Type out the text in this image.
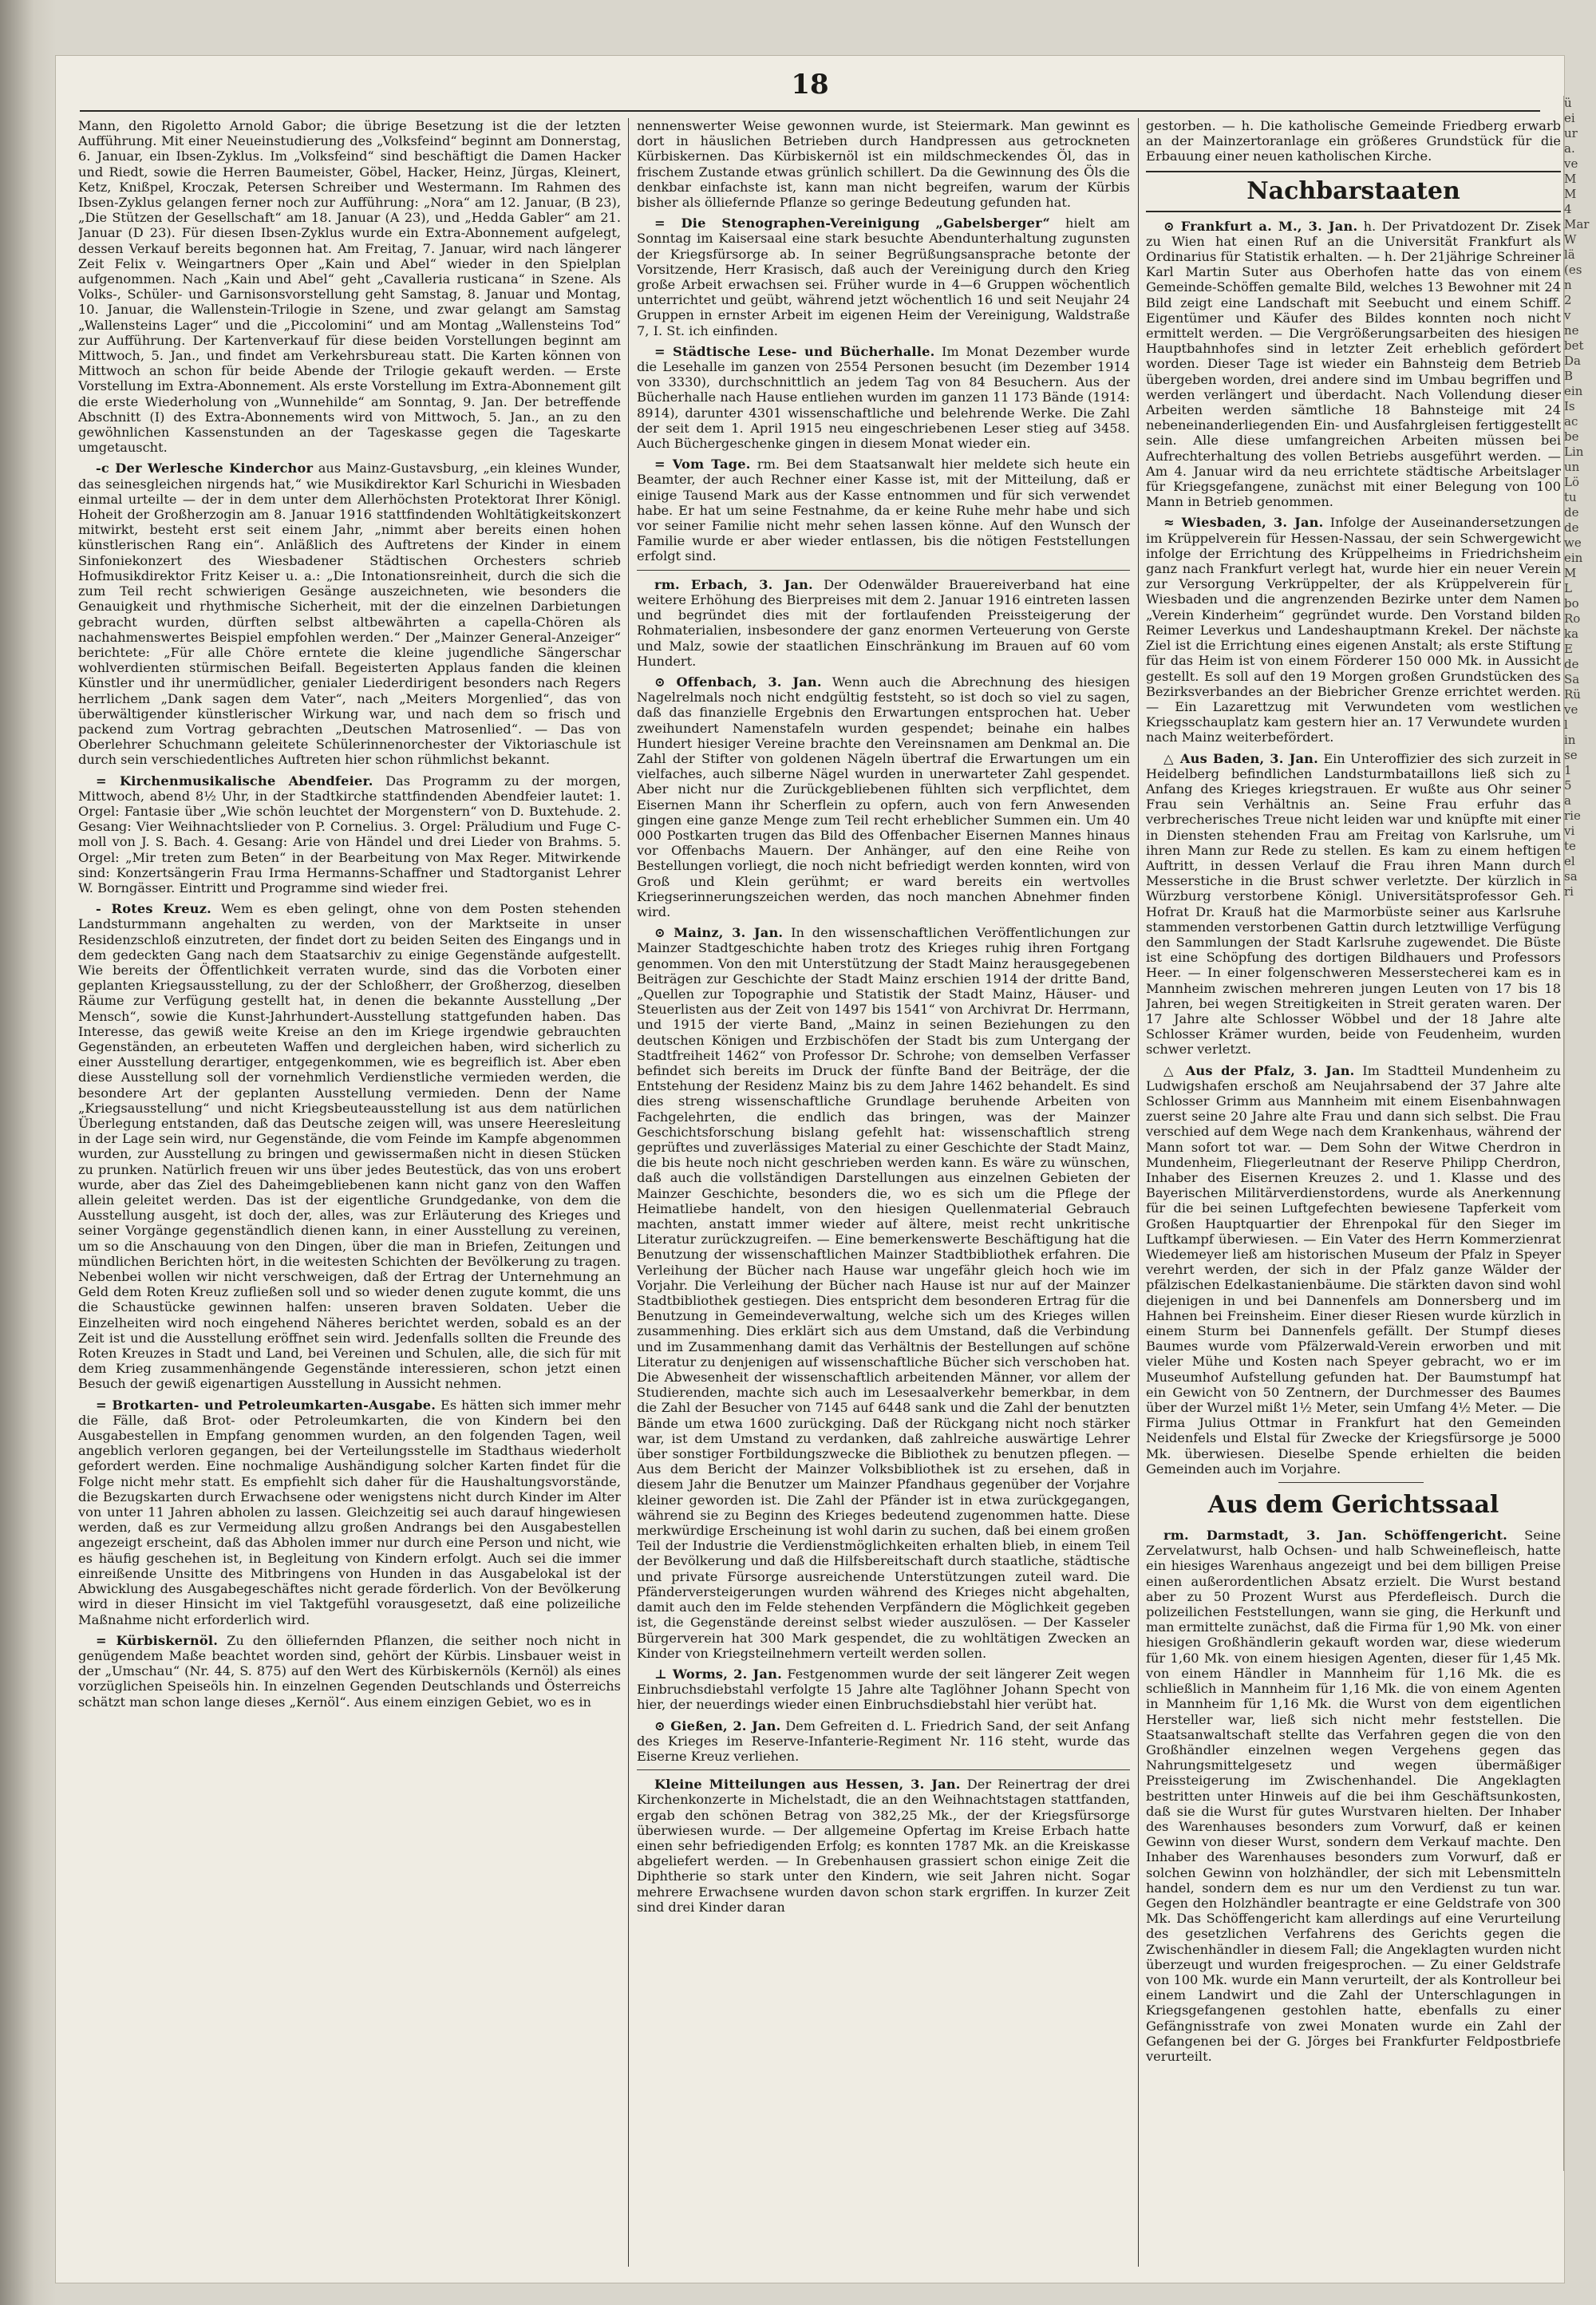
18

Mann, den Rigoletto Arnold Gabor; die übrige Besetzung ist die der letzten Aufführung. Mit einer Neueinstudierung des „Volksfeind“ beginnt am Donnerstag, 6. Januar, ein Ibsen-Zyklus. Im „Volksfeind“ sind beschäftigt die Damen Hacker und Riedt, sowie die Herren Baumeister, Göbel, Hacker, Heinz, Jürgas, Kleinert, Ketz, Knißpel, Kroczak, Petersen Schreiber und Westermann. Im Rahmen des Ibsen-Zyklus gelangen ferner noch zur Aufführung: „Nora“ am 12. Januar, (B 23), „Die Stützen der Gesellschaft“ am 18. Januar (A 23), und „Hedda Gabler“ am 21. Januar (D 23). Für diesen Ibsen-Zyklus wurde ein Extra-Abonnement aufgelegt, dessen Verkauf bereits begonnen hat. Am Freitag, 7. Januar, wird nach längerer Zeit Felix v. Weingartners Oper „Kain und Abel“ wieder in den Spielplan aufgenommen. Nach „Kain und Abel“ geht „Cavalleria rusticana“ in Szene. Als Volks-, Schüler- und Garnisonsvorstellung geht Samstag, 8. Januar und Montag, 10. Januar, die Wallenstein-Trilogie in Szene, und zwar gelangt am Samstag „Wallensteins Lager“ und die „Piccolomini“ und am Montag „Wallensteins Tod“ zur Aufführung. Der Kartenverkauf für diese beiden Vorstellungen beginnt am Mittwoch, 5. Jan., und findet am Verkehrsbureau statt. Die Karten können von Mittwoch an schon für beide Abende der Trilogie gekauft werden. — Erste Vorstellung im Extra-Abonnement. Als erste Vorstellung im Extra-Abonnement gilt die erste Wiederholung von „Wunnehilde“ am Sonntag, 9. Jan. Der betreffende Abschnitt (I) des Extra-Abonnements wird von Mittwoch, 5. Jan., an zu den gewöhnlichen Kassenstunden an der Tageskasse gegen die Tageskarte umgetauscht.

-c Der Werlesche Kinderchor aus Mainz-Gustavsburg, „ein kleines Wunder, das seinesgleichen nirgends hat,“ wie Musikdirektor Karl Schurichi in Wiesbaden einmal urteilte — der in dem unter dem Allerhöchsten Protektorat Ihrer Königl. Hoheit der Großherzogin am 8. Januar 1916 stattfindenden Wohltätigkeitskonzert mitwirkt, besteht erst seit einem Jahr, „nimmt aber bereits einen hohen künstlerischen Rang ein“. Anläßlich des Auftretens der Kinder in einem Sinfoniekonzert des Wiesbadener Städtischen Orchesters schrieb Hofmusikdirektor Fritz Keiser u. a.: „Die Intonationsreinheit, durch die sich die zum Teil recht schwierigen Gesänge auszeichneten, wie besonders die Genauigkeit und rhythmische Sicherheit, mit der die einzelnen Darbietungen gebracht wurden, dürften selbst altbewährten a capella-Chören als nachahmenswertes Beispiel empfohlen werden.“ Der „Mainzer General-Anzeiger“ berichtete: „Für alle Chöre erntete die kleine jugendliche Sängerschar wohlverdienten stürmischen Beifall. Begeisterten Applaus fanden die kleinen Künstler und ihr unermüdlicher, genialer Liederdirigent besonders nach Regers herrlichem „Dank sagen dem Vater“, nach „Meiters Morgenlied“, das von überwältigender künstlerischer Wirkung war, und nach dem so frisch und packend zum Vortrag gebrachten „Deutschen Matrosenlied“. — Das von Oberlehrer Schuchmann geleitete Schülerinnenorchester der Viktoriaschule ist durch sein verschiedentliches Auftreten hier schon rühmlichst bekannt.

= Kirchenmusikalische Abendfeier. Das Programm zu der morgen, Mittwoch, abend 8½ Uhr, in der Stadtkirche stattfindenden Abendfeier lautet: 1. Orgel: Fantasie über „Wie schön leuchtet der Morgenstern“ von D. Buxtehude. 2. Gesang: Vier Weihnachtslieder von P. Cornelius. 3. Orgel: Präludium und Fuge C-moll von J. S. Bach. 4. Gesang: Arie von Händel und drei Lieder von Brahms. 5. Orgel: „Mir treten zum Beten“ in der Bearbeitung von Max Reger. Mitwirkende sind: Konzertsängerin Frau Irma Hermanns-Schaffner und Stadtorganist Lehrer W. Borngässer. Eintritt und Programme sind wieder frei.

- Rotes Kreuz. Wem es eben gelingt, ohne von dem Posten stehenden Landsturmmann angehalten zu werden, von der Marktseite in unser Residenzschloß einzutreten, der findet dort zu beiden Seiten des Eingangs und in dem gedeckten Gang nach dem Staatsarchiv zu einige Gegenstände aufgestellt. Wie bereits der Öffentlichkeit verraten wurde, sind das die Vorboten einer geplanten Kriegsausstellung, zu der der Schloßherr, der Großherzog, dieselben Räume zur Verfügung gestellt hat, in denen die bekannte Ausstellung „Der Mensch“, sowie die Kunst-Jahrhundert-Ausstellung stattgefunden haben. Das Interesse, das gewiß weite Kreise an den im Kriege irgendwie gebrauchten Gegenständen, an erbeuteten Waffen und dergleichen haben, wird sicherlich zu einer Ausstellung derartiger, entgegenkommen, wie es begreiflich ist. Aber eben diese Ausstellung soll der vornehmlich Verdienstliche vermieden werden, die besondere Art der geplanten Ausstellung vermieden. Denn der Name „Kriegsausstellung“ und nicht Kriegsbeuteausstellung ist aus dem natürlichen Überlegung entstanden, daß das Deutsche zeigen will, was unsere Heeresleitung in der Lage sein wird, nur Gegenstände, die vom Feinde im Kampfe abgenommen wurden, zur Ausstellung zu bringen und gewissermaßen nicht in diesen Stücken zu prunken. Natürlich freuen wir uns über jedes Beutestück, das von uns erobert wurde, aber das Ziel des Daheimgebliebenen kann nicht ganz von den Waffen allein geleitet werden. Das ist der eigentliche Grundgedanke, von dem die Ausstellung ausgeht, ist doch der, alles, was zur Erläuterung des Krieges und seiner Vorgänge gegenständlich dienen kann, in einer Ausstellung zu vereinen, um so die Anschauung von den Dingen, über die man in Briefen, Zeitungen und mündlichen Berichten hört, in die weitesten Schichten der Bevölkerung zu tragen. Nebenbei wollen wir nicht verschweigen, daß der Ertrag der Unternehmung an Geld dem Roten Kreuz zufließen soll und so wieder denen zugute kommt, die uns die Schaustücke gewinnen halfen: unseren braven Soldaten. Ueber die Einzelheiten wird noch eingehend Näheres berichtet werden, sobald es an der Zeit ist und die Ausstellung eröffnet sein wird. Jedenfalls sollten die Freunde des Roten Kreuzes in Stadt und Land, bei Vereinen und Schulen, alle, die sich für mit dem Krieg zusammenhängende Gegenstände interessieren, schon jetzt einen Besuch der gewiß eigenartigen Ausstellung in Aussicht nehmen.

= Brotkarten- und Petroleumkarten-Ausgabe. Es hätten sich immer mehr die Fälle, daß Brot- oder Petroleumkarten, die von Kindern bei den Ausgabestellen in Empfang genommen wurden, an den folgenden Tagen, weil angeblich verloren gegangen, bei der Verteilungsstelle im Stadthaus wiederholt gefordert werden. Eine nochmalige Aushändigung solcher Karten findet für die Folge nicht mehr statt. Es empfiehlt sich daher für die Haushaltungsvorstände, die Bezugskarten durch Erwachsene oder wenigstens nicht durch Kinder im Alter von unter 11 Jahren abholen zu lassen. Gleichzeitig sei auch darauf hingewiesen werden, daß es zur Vermeidung allzu großen Andrangs bei den Ausgabestellen angezeigt erscheint, daß das Abholen immer nur durch eine Person und nicht, wie es häufig geschehen ist, in Begleitung von Kindern erfolgt. Auch sei die immer einreißende Unsitte des Mitbringens von Hunden in das Ausgabelokal ist der Abwicklung des Ausgabegeschäftes nicht gerade förderlich. Von der Bevölkerung wird in dieser Hinsicht im viel Taktgefühl vorausgesetzt, daß eine polizeiliche Maßnahme nicht erforderlich wird.

= Kürbiskernöl. Zu den ölliefernden Pflanzen, die seither noch nicht in genügendem Maße beachtet worden sind, gehört der Kürbis. Linsbauer weist in der „Umschau“ (Nr. 44, S. 875) auf den Wert des Kürbiskernöls (Kernöl) als eines vorzüglichen Speiseöls hin. In einzelnen Gegenden Deutschlands und Österreichs schätzt man schon lange dieses „Kernöl“. Aus einem einzigen Gebiet, wo es in

nennenswerter Weise gewonnen wurde, ist Steiermark. Man gewinnt es dort in häuslichen Betrieben durch Handpressen aus getrockneten Kürbiskernen. Das Kürbiskernöl ist ein mildschmeckendes Öl, das in frischem Zustande etwas grünlich schillert. Da die Gewinnung des Öls die denkbar einfachste ist, kann man nicht begreifen, warum der Kürbis bisher als ölliefernde Pflanze so geringe Bedeutung gefunden hat.

= Die Stenographen-Vereinigung „Gabelsberger“ hielt am Sonntag im Kaisersaal eine stark besuchte Abendunterhaltung zugunsten der Kriegsfürsorge ab. In seiner Begrüßungsansprache betonte der Vorsitzende, Herr Krasisch, daß auch der Vereinigung durch den Krieg große Arbeit erwachsen sei. Früher wurde in 4—6 Gruppen wöchentlich unterrichtet und geübt, während jetzt wöchentlich 16 und seit Neujahr 24 Gruppen in ernster Arbeit im eigenen Heim der Vereinigung, Waldstraße 7, I. St. ich einfinden.

= Städtische Lese- und Bücherhalle. Im Monat Dezember wurde die Lesehalle im ganzen von 2554 Personen besucht (im Dezember 1914 von 3330), durchschnittlich an jedem Tag von 84 Besuchern. Aus der Bücherhalle nach Hause entliehen wurden im ganzen 11 173 Bände (1914: 8914), darunter 4301 wissenschaftliche und belehrende Werke. Die Zahl der seit dem 1. April 1915 neu eingeschriebenen Leser stieg auf 3458. Auch Büchergeschenke gingen in diesem Monat wieder ein.

= Vom Tage. rm. Bei dem Staatsanwalt hier meldete sich heute ein Beamter, der auch Rechner einer Kasse ist, mit der Mitteilung, daß er einige Tausend Mark aus der Kasse entnommen und für sich verwendet habe. Er hat um seine Festnahme, da er keine Ruhe mehr habe und sich vor seiner Familie nicht mehr sehen lassen könne. Auf den Wunsch der Familie wurde er aber wieder entlassen, bis die nötigen Feststellungen erfolgt sind.

rm. Erbach, 3. Jan. Der Odenwälder Brauereiverband hat eine weitere Erhöhung des Bierpreises mit dem 2. Januar 1916 eintreten lassen und begründet dies mit der fortlaufenden Preissteigerung der Rohmaterialien, insbesondere der ganz enormen Verteuerung von Gerste und Malz, sowie der staatlichen Einschränkung im Brauen auf 60 vom Hundert.

⊙ Offenbach, 3. Jan. Wenn auch die Abrechnung des hiesigen Nagelrelmals noch nicht endgültig feststeht, so ist doch so viel zu sagen, daß das finanzielle Ergebnis den Erwartungen entsprochen hat. Ueber zweihundert Namenstafeln wurden gespendet; beinahe ein halbes Hundert hiesiger Vereine brachte den Vereinsnamen am Denkmal an. Die Zahl der Stifter von goldenen Nägeln übertraf die Erwartungen um ein vielfaches, auch silberne Nägel wurden in unerwarteter Zahl gespendet. Aber nicht nur die Zurückgebliebenen fühlten sich verpflichtet, dem Eisernen Mann ihr Scherflein zu opfern, auch von fern Anwesenden gingen eine ganze Menge zum Teil recht erheblicher Summen ein. Um 40 000 Postkarten trugen das Bild des Offenbacher Eisernen Mannes hinaus vor Offenbachs Mauern. Der Anhänger, auf den eine Reihe von Bestellungen vorliegt, die noch nicht befriedigt werden konnten, wird von Groß und Klein gerühmt; er ward bereits ein wertvolles Kriegserinnerungszeichen werden, das noch manchen Abnehmer finden wird.

⊙ Mainz, 3. Jan. In den wissenschaftlichen Veröffentlichungen zur Mainzer Stadtgeschichte haben trotz des Krieges ruhig ihren Fortgang genommen. Von den mit Unterstützung der Stadt Mainz herausgegebenen Beiträgen zur Geschichte der Stadt Mainz erschien 1914 der dritte Band, „Quellen zur Topographie und Statistik der Stadt Mainz, Häuser- und Steuerlisten aus der Zeit von 1497 bis 1541“ von Archivrat Dr. Herrmann, und 1915 der vierte Band, „Mainz in seinen Beziehungen zu den deutschen Königen und Erzbischöfen der Stadt bis zum Untergang der Stadtfreiheit 1462“ von Professor Dr. Schrohe; von demselben Verfasser befindet sich bereits im Druck der fünfte Band der Beiträge, der die Entstehung der Residenz Mainz bis zu dem Jahre 1462 behandelt. Es sind dies streng wissenschaftliche Grundlage beruhende Arbeiten von Fachgelehrten, die endlich das bringen, was der Mainzer Geschichtsforschung bislang gefehlt hat: wissenschaftlich streng geprüftes und zuverlässiges Material zu einer Geschichte der Stadt Mainz, die bis heute noch nicht geschrieben werden kann. Es wäre zu wünschen, daß auch die vollständigen Darstellungen aus einzelnen Gebieten der Mainzer Geschichte, besonders die, wo es sich um die Pflege der Heimatliebe handelt, von den hiesigen Quellenmaterial Gebrauch machten, anstatt immer wieder auf ältere, meist recht unkritische Literatur zurückzugreifen. — Eine bemerkenswerte Beschäftigung hat die Benutzung der wissenschaftlichen Mainzer Stadtbibliothek erfahren. Die Verleihung der Bücher nach Hause war ungefähr gleich hoch wie im Vorjahr. Die Verleihung der Bücher nach Hause ist nur auf der Mainzer Stadtbibliothek gestiegen. Dies entspricht dem besonderen Ertrag für die Benutzung in Gemeindeverwaltung, welche sich um des Krieges willen zusammenhing. Dies erklärt sich aus dem Umstand, daß die Verbindung und im Zusammenhang damit das Verhältnis der Bestellungen auf schöne Literatur zu denjenigen auf wissenschaftliche Bücher sich verschoben hat. Die Abwesenheit der wissenschaftlich arbeitenden Männer, vor allem der Studierenden, machte sich auch im Lesesaalverkehr bemerkbar, in dem die Zahl der Besucher von 7145 auf 6448 sank und die Zahl der benutzten Bände um etwa 1600 zurückging. Daß der Rückgang nicht noch stärker war, ist dem Umstand zu verdanken, daß zahlreiche auswärtige Lehrer über sonstiger Fortbildungszwecke die Bibliothek zu benutzen pflegen. — Aus dem Bericht der Mainzer Volksbibliothek ist zu ersehen, daß in diesem Jahr die Benutzer um Mainzer Pfandhaus gegenüber der Vorjahre kleiner geworden ist. Die Zahl der Pfänder ist in etwa zurückgegangen, während sie zu Beginn des Krieges bedeutend zugenommen hatte. Diese merkwürdige Erscheinung ist wohl darin zu suchen, daß bei einem großen Teil der Industrie die Verdienstmöglichkeiten erhalten blieb, in einem Teil der Bevölkerung und daß die Hilfsbereitschaft durch staatliche, städtische und private Fürsorge ausreichende Unterstützungen zuteil ward. Die Pfänderversteigerungen wurden während des Krieges nicht abgehalten, damit auch den im Felde stehenden Verpfändern die Möglichkeit gegeben ist, die Gegenstände dereinst selbst wieder auszulösen. — Der Kasseler Bürgerverein hat 300 Mark gespendet, die zu wohltätigen Zwecken an Kinder von Kriegsteilnehmern verteilt werden sollen.

⊥ Worms, 2. Jan. Festgenommen wurde der seit längerer Zeit wegen Einbruchsdiebstahl verfolgte 15 Jahre alte Taglöhner Johann Specht von hier, der neuerdings wieder einen Einbruchsdiebstahl hier verübt hat.

⊙ Gießen, 2. Jan. Dem Gefreiten d. L. Friedrich Sand, der seit Anfang des Krieges im Reserve-Infanterie-Regiment Nr. 116 steht, wurde das Eiserne Kreuz verliehen.

Kleine Mitteilungen aus Hessen, 3. Jan. Der Reinertrag der drei Kirchenkonzerte in Michelstadt, die an den Weihnachtstagen stattfanden, ergab den schönen Betrag von 382,25 Mk., der der Kriegsfürsorge überwiesen wurde. — Der allgemeine Opfertag im Kreise Erbach hatte einen sehr befriedigenden Erfolg; es konnten 1787 Mk. an die Kreiskasse abgeliefert werden. — In Grebenhausen grassiert schon einige Zeit die Diphtherie so stark unter den Kindern, wie seit Jahren nicht. Sogar mehrere Erwachsene wurden davon schon stark ergriffen. In kurzer Zeit sind drei Kinder daran

gestorben. — h. Die katholische Gemeinde Friedberg erwarb an der Mainzertoranlage ein größeres Grundstück für die Erbauung einer neuen katholischen Kirche.

Nachbarstaaten

⊙ Frankfurt a. M., 3. Jan. h. Der Privatdozent Dr. Zisek zu Wien hat einen Ruf an die Universität Frankfurt als Ordinarius für Statistik erhalten. — h. Der 21jährige Schreiner Karl Martin Suter aus Oberhofen hatte das von einem Gemeinde-Schöffen gemalte Bild, welches 13 Bewohner mit 24 Bild zeigt eine Landschaft mit Seebucht und einem Schiff. Eigentümer und Käufer des Bildes konnten noch nicht ermittelt werden. — Die Vergrößerungsarbeiten des hiesigen Hauptbahnhofes sind in letzter Zeit erheblich gefördert worden. Dieser Tage ist wieder ein Bahnsteig dem Betrieb übergeben worden, drei andere sind im Umbau begriffen und werden verlängert und überdacht. Nach Vollendung dieser Arbeiten werden sämtliche 18 Bahnsteige mit 24 nebeneinanderliegenden Ein- und Ausfahrgleisen fertiggestellt sein. Alle diese umfangreichen Arbeiten müssen bei Aufrechterhaltung des vollen Betriebs ausgeführt werden. — Am 4. Januar wird da neu errichtete städtische Arbeitslager für Kriegsgefangene, zunächst mit einer Belegung von 100 Mann in Betrieb genommen.

≈ Wiesbaden, 3. Jan. Infolge der Auseinandersetzungen im Krüppelverein für Hessen-Nassau, der sein Schwergewicht infolge der Errichtung des Krüppelheims in Friedrichsheim ganz nach Frankfurt verlegt hat, wurde hier ein neuer Verein zur Versorgung Verkrüppelter, der als Krüppelverein für Wiesbaden und die angrenzenden Bezirke unter dem Namen „Verein Kinderheim“ gegründet wurde. Den Vorstand bilden Reimer Leverkus und Landeshauptmann Krekel. Der nächste Ziel ist die Errichtung eines eigenen Anstalt; als erste Stiftung für das Heim ist von einem Förderer 150 000 Mk. in Aussicht gestellt. Es soll auf den 19 Morgen großen Grundstücken des Bezirksverbandes an der Biebricher Grenze errichtet werden. — Ein Lazarettzug mit Verwundeten vom westlichen Kriegsschauplatz kam gestern hier an. 17 Verwundete wurden nach Mainz weiterbefördert.

△ Aus Baden, 3. Jan. Ein Unteroffizier des sich zurzeit in Heidelberg befindlichen Landsturmbataillons ließ sich zu Anfang des Krieges kriegstrauen. Er wußte aus Ohr seiner Frau sein Verhältnis an. Seine Frau erfuhr das verbrecherisches Treue nicht leiden war und knüpfte mit einer in Diensten stehenden Frau am Freitag von Karlsruhe, um ihren Mann zur Rede zu stellen. Es kam zu einem heftigen Auftritt, in dessen Verlauf die Frau ihren Mann durch Messerstiche in die Brust schwer verletzte. Der kürzlich in Würzburg verstorbene Königl. Universitätsprofessor Geh. Hofrat Dr. Krauß hat die Marmorbüste seiner aus Karlsruhe stammenden verstorbenen Gattin durch letztwillige Verfügung den Sammlungen der Stadt Karlsruhe zugewendet. Die Büste ist eine Schöpfung des dortigen Bildhauers und Professors Heer. — In einer folgenschweren Messerstecherei kam es in Mannheim zwischen mehreren jungen Leuten von 17 bis 18 Jahren, bei wegen Streitigkeiten in Streit geraten waren. Der 17 Jahre alte Schlosser Wöbbel und der 18 Jahre alte Schlosser Krämer wurden, beide von Feudenheim, wurden schwer verletzt.

△ Aus der Pfalz, 3. Jan. Im Stadtteil Mundenheim zu Ludwigshafen erschoß am Neujahrsabend der 37 Jahre alte Schlosser Grimm aus Mannheim mit einem Eisenbahnwagen zuerst seine 20 Jahre alte Frau und dann sich selbst. Die Frau verschied auf dem Wege nach dem Krankenhaus, während der Mann sofort tot war. — Dem Sohn der Witwe Cherdron in Mundenheim, Fliegerleutnant der Reserve Philipp Cherdron, Inhaber des Eisernen Kreuzes 2. und 1. Klasse und des Bayerischen Militärverdienstordens, wurde als Anerkennung für die bei seinen Luftgefechten bewiesene Tapferkeit vom Großen Hauptquartier der Ehrenpokal für den Sieger im Luftkampf überwiesen. — Ein Vater des Herrn Kommerzienrat Wiedemeyer ließ am historischen Museum der Pfalz in Speyer verehrt werden, der sich in der Pfalz ganze Wälder der pfälzischen Edelkastanienbäume. Die stärkten davon sind wohl diejenigen in und bei Dannenfels am Donnersberg und im Hahnen bei Freinsheim. Einer dieser Riesen wurde kürzlich in einem Sturm bei Dannenfels gefällt. Der Stumpf dieses Baumes wurde vom Pfälzerwald-Verein erworben und mit vieler Mühe und Kosten nach Speyer gebracht, wo er im Museumhof Aufstellung gefunden hat. Der Baumstumpf hat ein Gewicht von 50 Zentnern, der Durchmesser des Baumes über der Wurzel mißt 1½ Meter, sein Umfang 4½ Meter. — Die Firma Julius Ottmar in Frankfurt hat den Gemeinden Neidenfels und Elstal für Zwecke der Kriegsfürsorge je 5000 Mk. überwiesen. Dieselbe Spende erhielten die beiden Gemeinden auch im Vorjahre.

Aus dem Gerichtssaal

rm. Darmstadt, 3. Jan. Schöffengericht. Seine Zervelatwurst, halb Ochsen- und halb Schweinefleisch, hatte ein hiesiges Warenhaus angezeigt und bei dem billigen Preise einen außerordentlichen Absatz erzielt. Die Wurst bestand aber zu 50 Prozent Wurst aus Pferdefleisch. Durch die polizeilichen Feststellungen, wann sie ging, die Herkunft und man ermittelte zunächst, daß die Firma für 1,90 Mk. von einer hiesigen Großhändlerin gekauft worden war, diese wiederum für 1,60 Mk. von einem hiesigen Agenten, dieser für 1,45 Mk. von einem Händler in Mannheim für 1,16 Mk. die es schließlich in Mannheim für 1,16 Mk. die von einem Agenten in Mannheim für 1,16 Mk. die Wurst von dem eigentlichen Hersteller war, ließ sich nicht mehr feststellen. Die Staatsanwaltschaft stellte das Verfahren gegen die von den Großhändler einzelnen wegen Vergehens gegen das Nahrungsmittelgesetz und wegen übermäßiger Preissteigerung im Zwischenhandel. Die Angeklagten bestritten unter Hinweis auf die bei ihm Geschäftsunkosten, daß sie die Wurst für gutes Wurstvaren hielten. Der Inhaber des Warenhauses besonders zum Vorwurf, daß er keinen Gewinn von dieser Wurst, sondern dem Verkauf machte. Den Inhaber des Warenhauses besonders zum Vorwurf, daß er solchen Gewinn von holzhändler, der sich mit Lebensmitteln handel, sondern dem es nur um den Verdienst zu tun war. Gegen den Holzhändler beantragte er eine Geldstrafe von 300 Mk. Das Schöffengericht kam allerdings auf eine Verurteilung des gesetzlichen Verfahrens des Gerichts gegen die Zwischenhändler in diesem Fall; die Angeklagten wurden nicht überzeugt und wurden freigesprochen. — Zu einer Geldstrafe von 100 Mk. wurde ein Mann verurteilt, der als Kontrolleur bei einem Landwirt und die Zahl der Unterschlagungen in Kriegsgefangenen gestohlen hatte, ebenfalls zu einer Gefängnisstrafe von zwei Monaten wurde ein Zahl der Gefangenen bei der G. Jörges bei Frankfurter Feldpostbriefe verurteilt.

ü
ei
ur
a.
ve
M
M
4
Mar
W
lä
(es
n
2
v
ne
bet
Da
B
ein
Is
ac
be
Lin
un
Lö
tu
de
de
we
ein
M
L
bo
Ro
ka
E
de
Sa
Rü
ve
l
in
se
1
5
a
rie
vi
te
el
sa
ri
